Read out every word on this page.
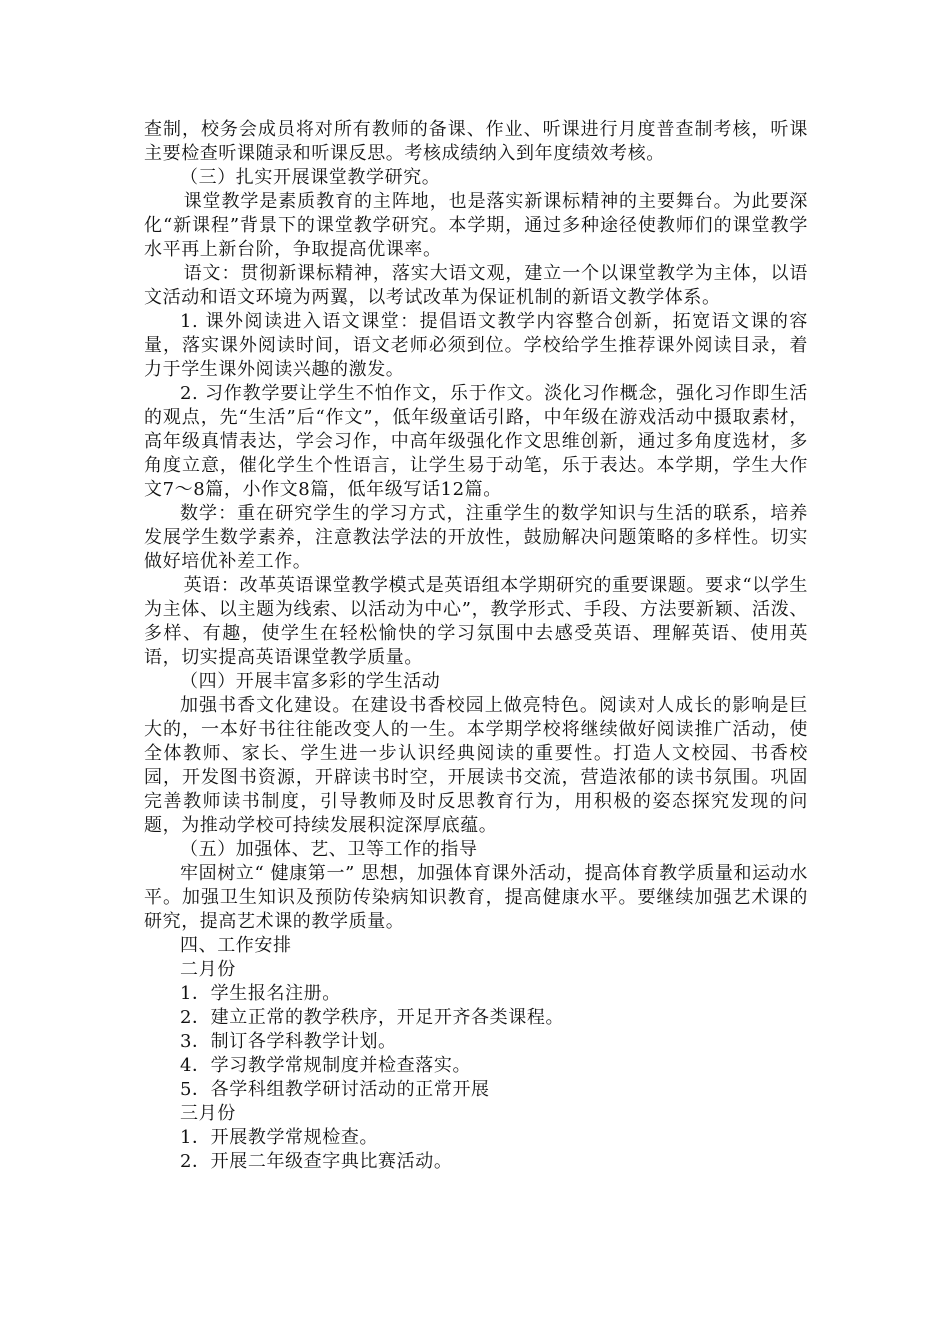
查制，校务会成员将对所有教师的备课、作业、听课进行月度普查制考核，听课主要检查听课随录和听课反思。考核成绩纳入到年度绩效考核。

（三）扎实开展课堂教学研究。

课堂教学是素质教育的主阵地，也是落实新课标精神的主要舞台。为此要深化“新课程”背景下的课堂教学研究。本学期，通过多种途径使教师们的课堂教学水平再上新台阶，争取提高优课率。

语文：贯彻新课标精神，落实大语文观，建立一个以课堂教学为主体，以语文活动和语文环境为两翼，以考试改革为保证机制的新语文教学体系。

1. 课外阅读进入语文课堂：提倡语文教学内容整合创新，拓宽语文课的容量，落实课外阅读时间，语文老师必须到位。学校给学生推荐课外阅读目录，着力于学生课外阅读兴趣的激发。

2. 习作教学要让学生不怕作文，乐于作文。淡化习作概念，强化习作即生活的观点，先“生活”后“作文”，低年级童话引路，中年级在游戏活动中摄取素材，高年级真情表达，学会习作，中高年级强化作文思维创新，通过多角度选材，多角度立意，催化学生个性语言，让学生易于动笔，乐于表达。本学期，学生大作文7～8篇，小作文8篇，低年级写话12篇。

数学：重在研究学生的学习方式，注重学生的数学知识与生活的联系，培养发展学生数学素养，注意教法学法的开放性，鼓励解决问题策略的多样性。切实做好培优补差工作。

英语：改革英语课堂教学模式是英语组本学期研究的重要课题。要求“以学生为主体、以主题为线索、以活动为中心”，教学形式、手段、方法要新颖、活泼、多样、有趣，使学生在轻松愉快的学习氛围中去感受英语、理解英语、使用英语，切实提高英语课堂教学质量。

（四）开展丰富多彩的学生活动

加强书香文化建设。在建设书香校园上做亮特色。阅读对人成长的影响是巨大的，一本好书往往能改变人的一生。本学期学校将继续做好阅读推广活动，使全体教师、家长、学生进一步认识经典阅读的重要性。打造人文校园、书香校园，开发图书资源，开辟读书时空，开展读书交流，营造浓郁的读书氛围。巩固完善教师读书制度，引导教师及时反思教育行为，用积极的姿态探究发现的问题，为推动学校可持续发展积淀深厚底蕴。

（五）加强体、艺、卫等工作的指导

牢固树立“ 健康第一” 思想，加强体育课外活动，提高体育教学质量和运动水平。加强卫生知识及预防传染病知识教育，提高健康水平。要继续加强艺术课的研究，提高艺术课的教学质量。

四、工作安排

二月份

1．学生报名注册。

2．建立正常的教学秩序，开足开齐各类课程。

3．制订各学科教学计划。

4．学习教学常规制度并检查落实。

5．各学科组教学研讨活动的正常开展

三月份

1．开展教学常规检查。

2．开展二年级查字典比赛活动。
